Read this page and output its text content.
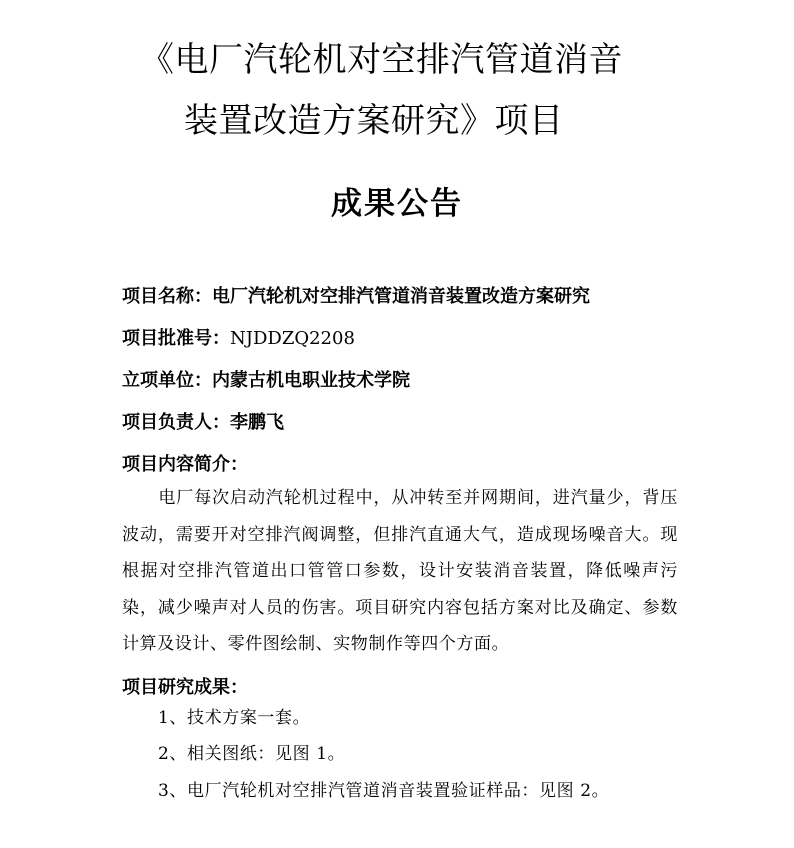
《电厂汽轮机对空排汽管道消音
装置改造方案研究》项目
成果公告
项目名称：电厂汽轮机对空排汽管道消音装置改造方案研究
项目批准号：NJDDZQ2208
立项单位：内蒙古机电职业技术学院
项目负责人：李鹏飞
项目内容简介：
电厂每次启动汽轮机过程中，从冲转至并网期间，进汽量少，背压波动，需要开对空排汽阀调整，但排汽直通大气，造成现场噪音大。现根据对空排汽管道出口管管口参数，设计安装消音装置，降低噪声污染，减少噪声对人员的伤害。项目研究内容包括方案对比及确定、参数计算及设计、零件图绘制、实物制作等四个方面。
项目研究成果：
1、技术方案一套。
2、相关图纸：见图 1。
3、电厂汽轮机对空排汽管道消音装置验证样品：见图 2。
